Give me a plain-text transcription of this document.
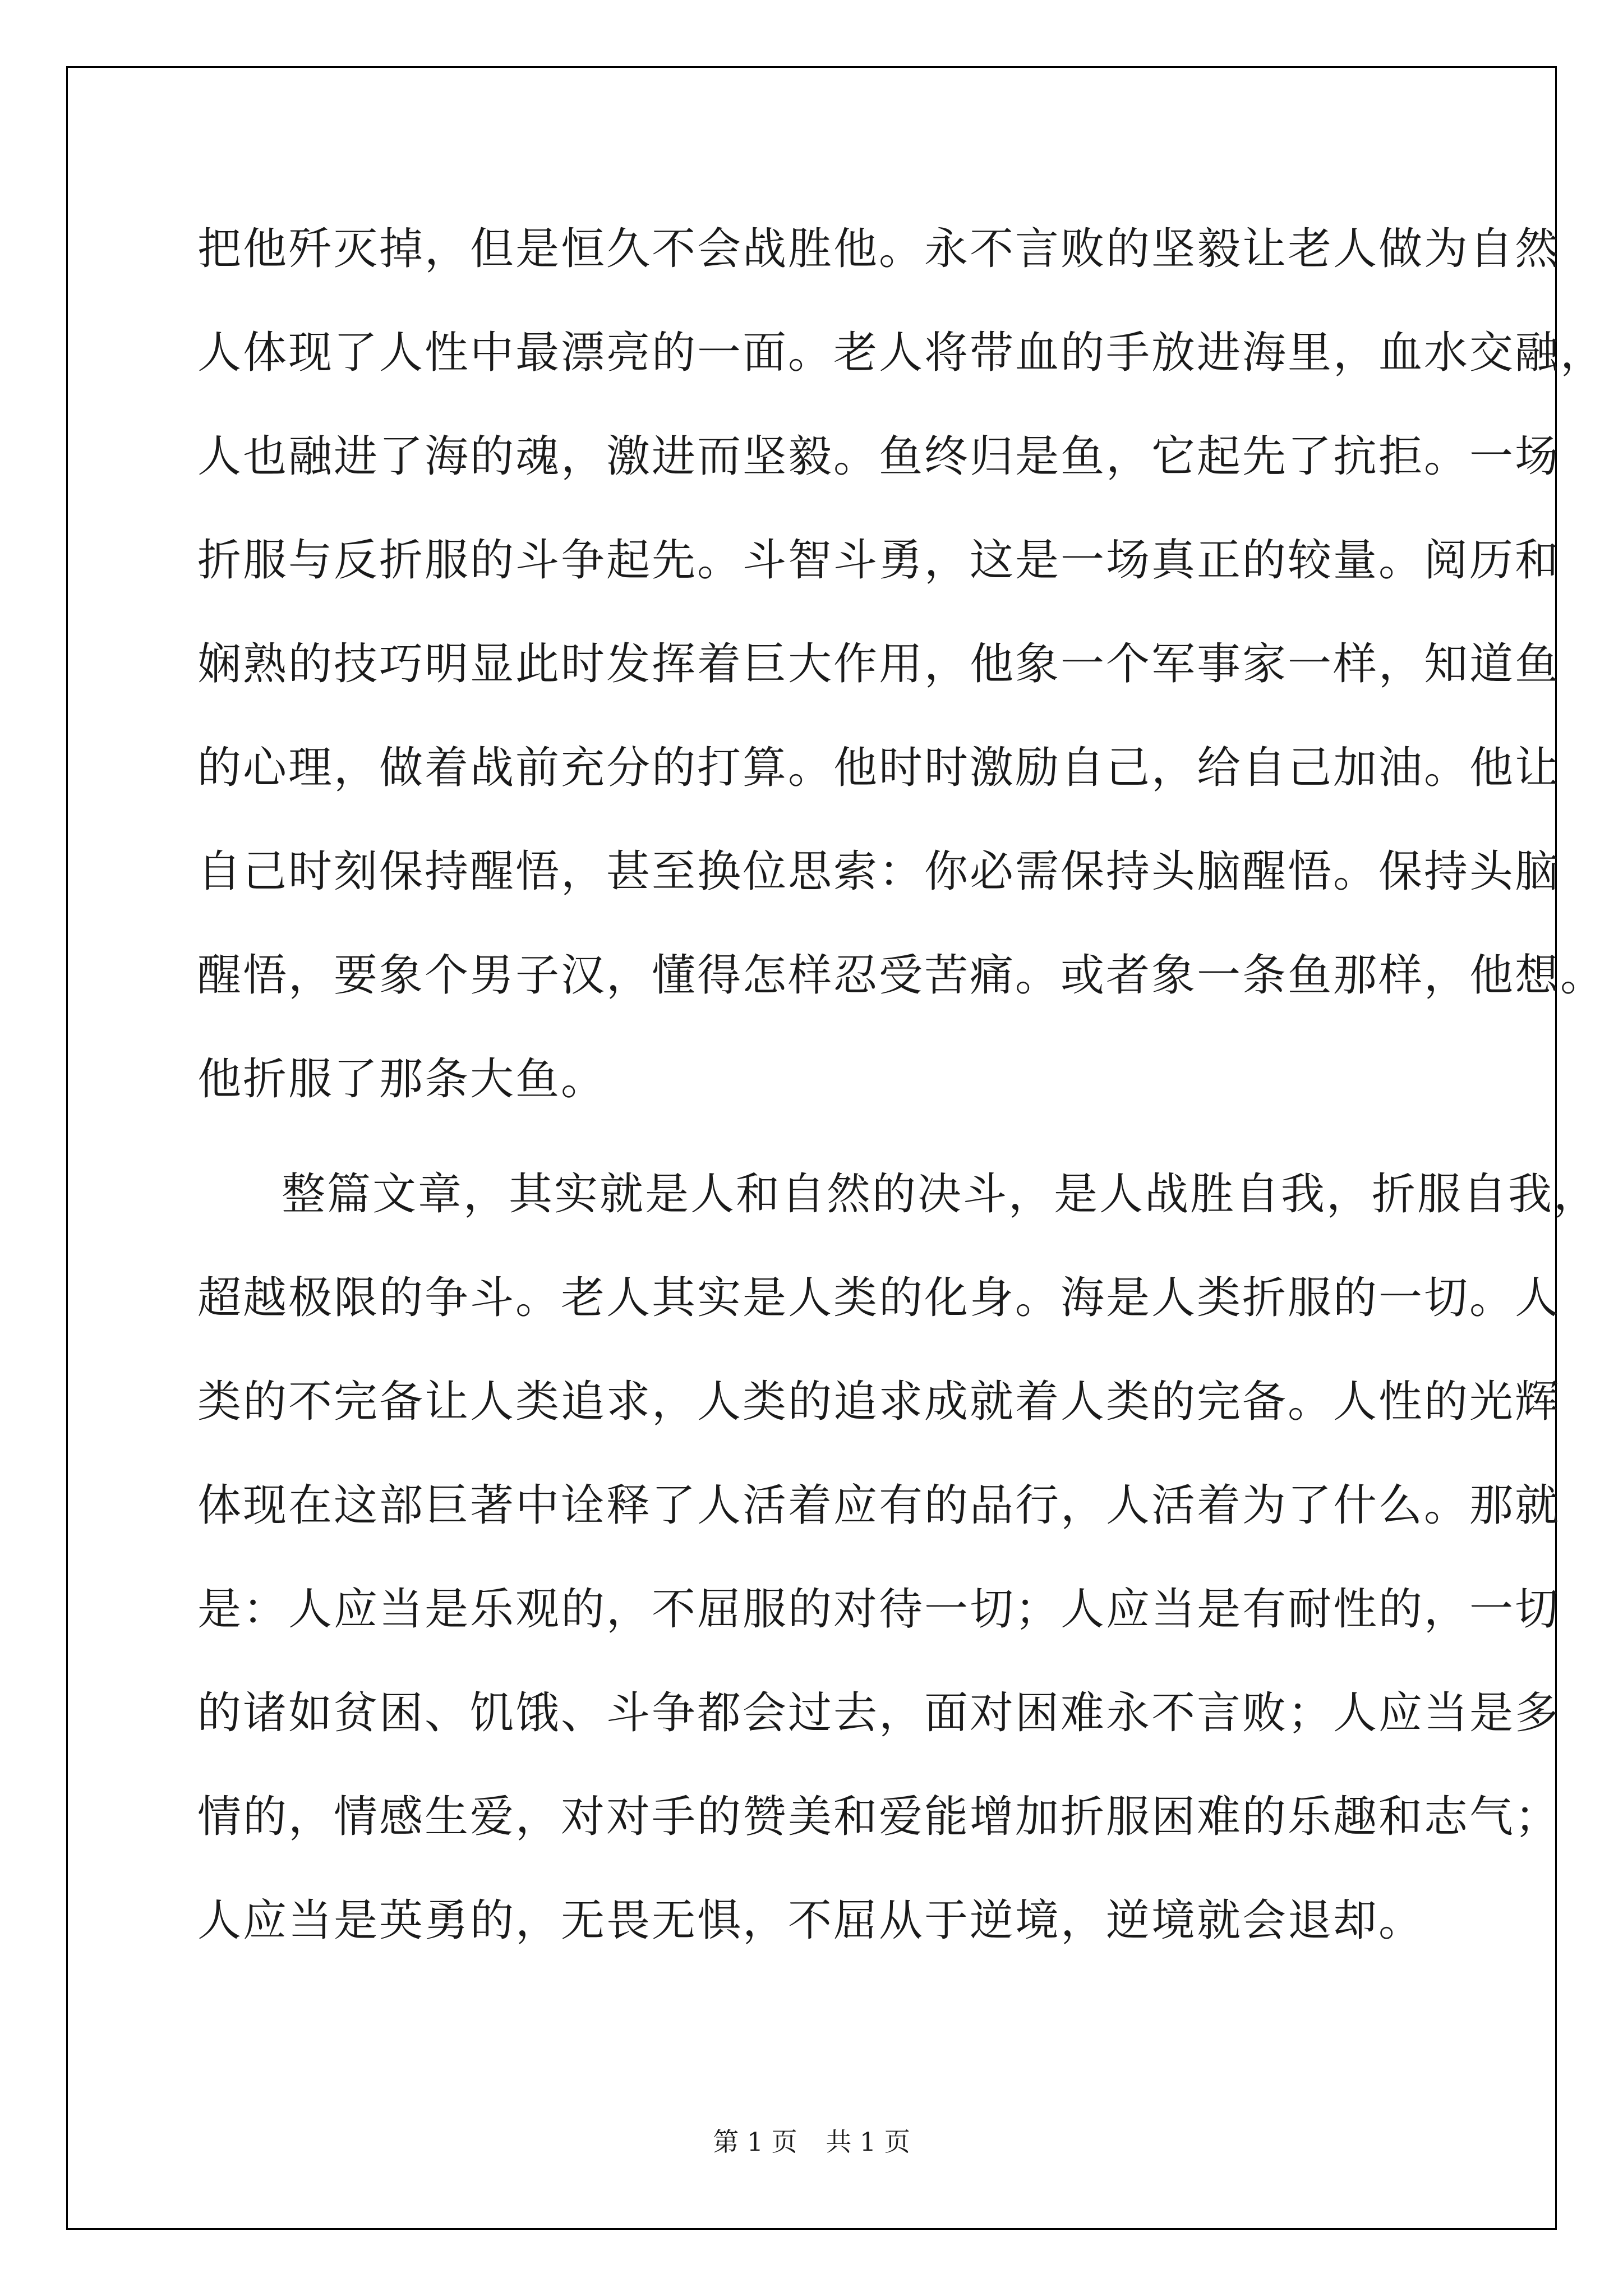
把他歼灭掉，但是恒久不会战胜他。永不言败的坚毅让老人做为自然

人体现了人性中最漂亮的一面。老人将带血的手放进海里，血水交融，

人也融进了海的魂，激进而坚毅。鱼终归是鱼，它起先了抗拒。一场

折服与反折服的斗争起先。斗智斗勇，这是一场真正的较量。阅历和

娴熟的技巧明显此时发挥着巨大作用，他象一个军事家一样，知道鱼

的心理，做着战前充分的打算。他时时激励自己，给自己加油。他让

自己时刻保持醒悟，甚至换位思索：你必需保持头脑醒悟。保持头脑

醒悟，要象个男子汉，懂得怎样忍受苦痛。或者象一条鱼那样，他想。

他折服了那条大鱼。

整篇文章，其实就是人和自然的决斗，是人战胜自我，折服自我，

超越极限的争斗。老人其实是人类的化身。海是人类折服的一切。人

类的不完备让人类追求，人类的追求成就着人类的完备。人性的光辉

体现在这部巨著中诠释了人活着应有的品行，人活着为了什么。那就

是：人应当是乐观的，不屈服的对待一切；人应当是有耐性的，一切

的诸如贫困、饥饿、斗争都会过去，面对困难永不言败；人应当是多

情的，情感生爱，对对手的赞美和爱能增加折服困难的乐趣和志气；

人应当是英勇的，无畏无惧，不屈从于逆境，逆境就会退却。

第 1 页 共 1 页
